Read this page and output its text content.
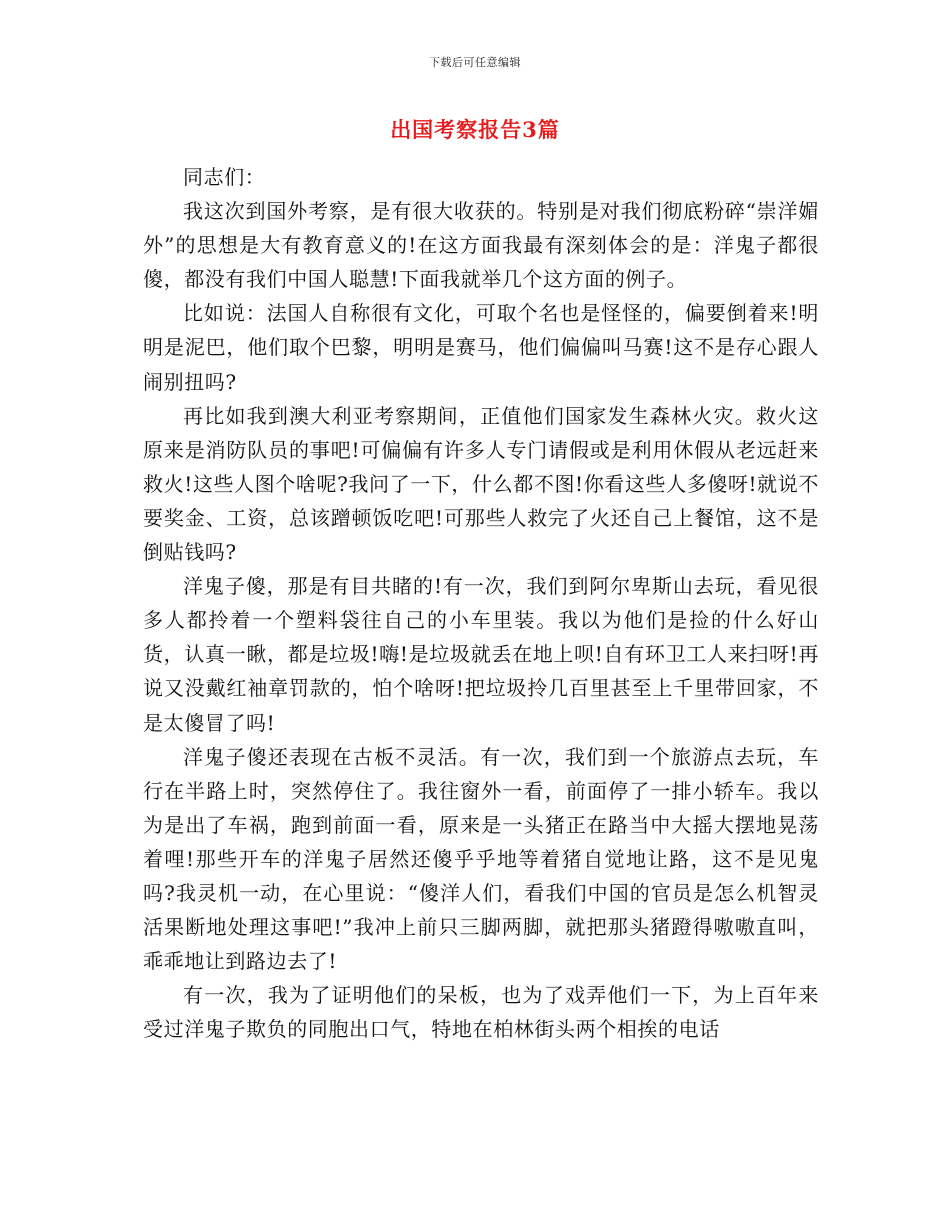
下载后可任意编辑
出国考察报告3篇

同志们：

我这次到国外考察，是有很大收获的。特别是对我们彻底粉碎“崇洋媚外”的思想是大有教育意义的!在这方面我最有深刻体会的是：洋鬼子都很傻，都没有我们中国人聪慧!下面我就举几个这方面的例子。

比如说：法国人自称很有文化，可取个名也是怪怪的，偏要倒着来!明明是泥巴，他们取个巴黎，明明是赛马，他们偏偏叫马赛!这不是存心跟人闹别扭吗?

再比如我到澳大利亚考察期间，正值他们国家发生森林火灾。救火这原来是消防队员的事吧!可偏偏有许多人专门请假或是利用休假从老远赶来救火!这些人图个啥呢?我问了一下，什么都不图!你看这些人多傻呀!就说不要奖金、工资，总该蹭顿饭吃吧!可那些人救完了火还自己上餐馆，这不是倒贴钱吗?

洋鬼子傻，那是有目共睹的!有一次，我们到阿尔卑斯山去玩，看见很多人都拎着一个塑料袋往自己的小车里装。我以为他们是捡的什么好山货，认真一瞅，都是垃圾!嗨!是垃圾就丢在地上呗!自有环卫工人来扫呀!再说又没戴红袖章罚款的，怕个啥呀!把垃圾拎几百里甚至上千里带回家，不是太傻冒了吗!

洋鬼子傻还表现在古板不灵活。有一次，我们到一个旅游点去玩，车行在半路上时，突然停住了。我往窗外一看，前面停了一排小轿车。我以为是出了车祸，跑到前面一看，原来是一头猪正在路当中大摇大摆地晃荡着哩!那些开车的洋鬼子居然还傻乎乎地等着猪自觉地让路，这不是见鬼吗?我灵机一动，在心里说：“傻洋人们，看我们中国的官员是怎么机智灵活果断地处理这事吧!”我冲上前只三脚两脚，就把那头猪蹬得嗷嗷直叫，乖乖地让到路边去了!

有一次，我为了证明他们的呆板，也为了戏弄他们一下，为上百年来受过洋鬼子欺负的同胞出口气，特地在柏林街头两个相挨的电话
